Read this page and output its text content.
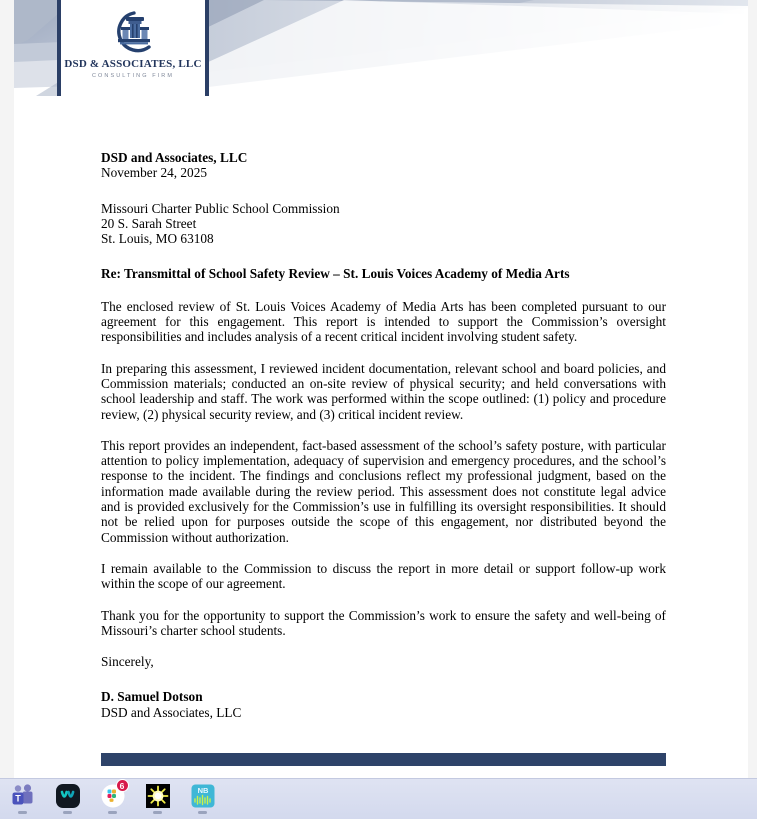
DSD & ASSOCIATES, LLC
CONSULTING FIRM
DSD and Associates, LLC
November 24, 2025
Missouri Charter Public School Commission
20 S. Sarah Street
St. Louis, MO 63108

Re: Transmittal of School Safety Review – St. Louis Voices Academy of Media Arts

The enclosed review of St. Louis Voices Academy of Media Arts has been completed pursuant to our agreement for this engagement. This report is intended to support the Commission’s oversight responsibilities and includes analysis of a recent critical incident involving student safety.

In preparing this assessment, I reviewed incident documentation, relevant school and board policies, and Commission materials; conducted an on-site review of physical security; and held conversations with school leadership and staff. The work was performed within the scope outlined: (1) policy and procedure review, (2) physical security review, and (3) critical incident review.

This report provides an independent, fact-based assessment of the school’s safety posture, with particular attention to policy implementation, adequacy of supervision and emergency procedures, and the school’s response to the incident. The findings and conclusions reflect my professional judgment, based on the information made available during the review period. This assessment does not constitute legal advice and is provided exclusively for the Commission’s use in fulfilling its oversight responsibilities. It should not be relied upon for purposes outside the scope of this engagement, nor distributed beyond the Commission without authorization.

I remain available to the Commission to discuss the report in more detail or support follow-up work within the scope of our agreement.

Thank you for the opportunity to support the Commission’s work to ensure the safety and well-being of Missouri’s charter school students.

Sincerely,
D. Samuel Dotson
DSD and Associates, LLC
T
6	NB
